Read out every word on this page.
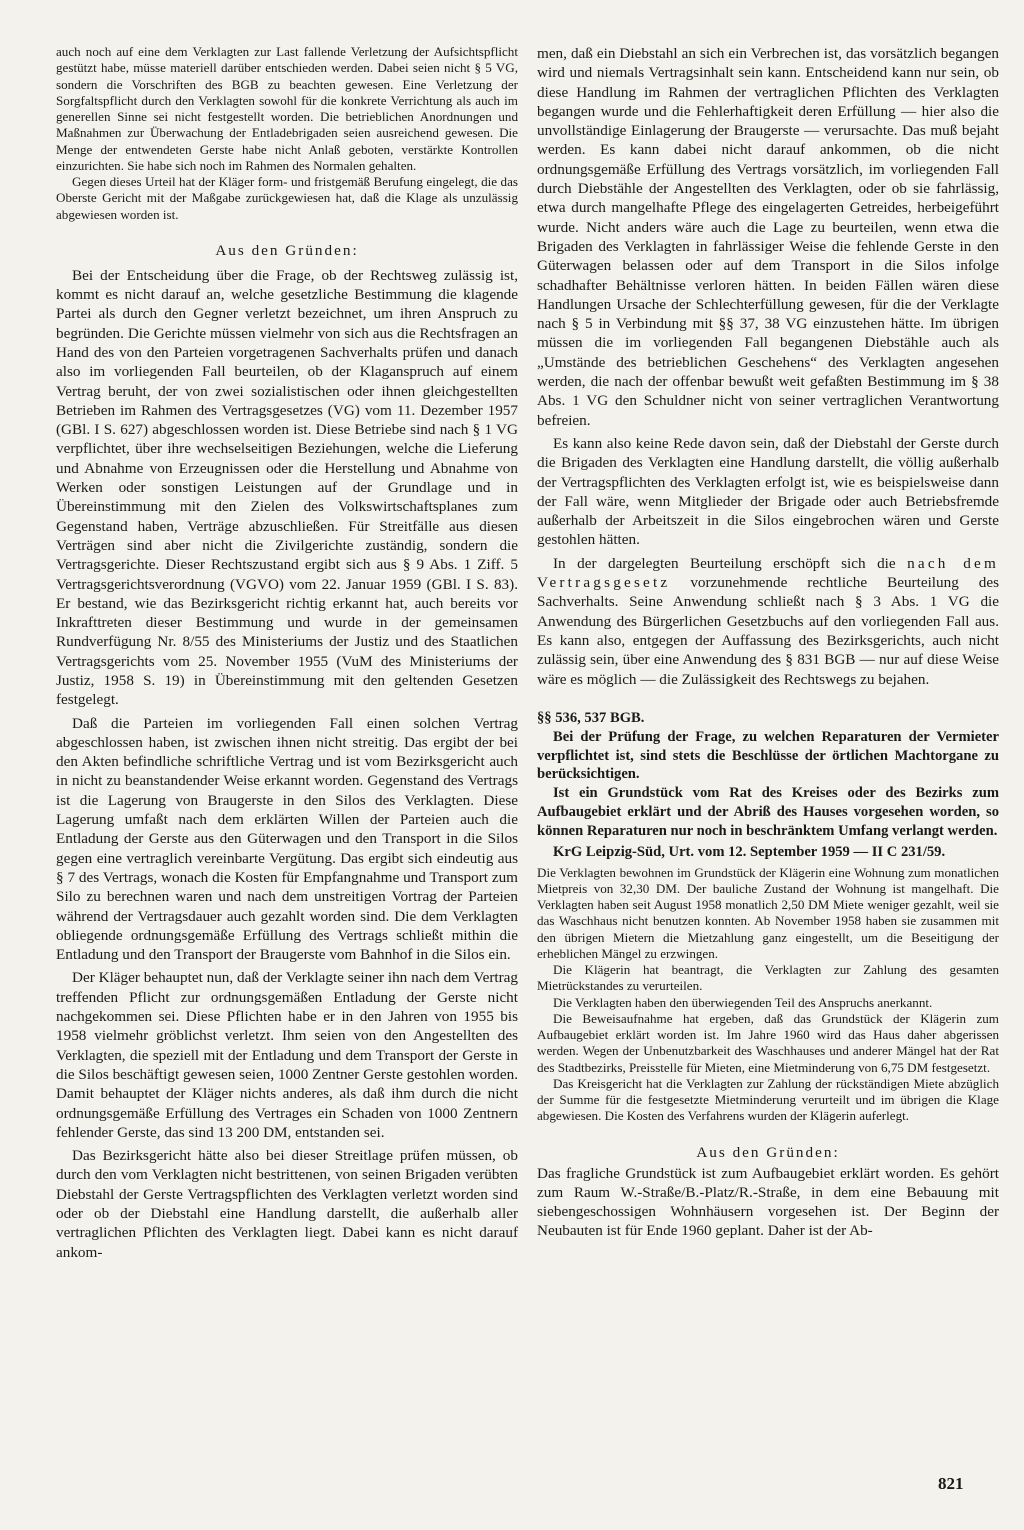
auch noch auf eine dem Verklagten zur Last fallende Verletzung der Aufsichtspflicht gestützt habe, müsse materiell darüber entschieden werden. Dabei seien nicht § 5 VG, sondern die Vorschriften des BGB zu beachten gewesen. Eine Verletzung der Sorgfaltspflicht durch den Verklagten sowohl für die konkrete Verrichtung als auch im generellen Sinne sei nicht festgestellt worden. Die betrieblichen Anordnungen und Maßnahmen zur Überwachung der Entladebrigaden seien ausreichend gewesen. Die Menge der entwendeten Gerste habe nicht Anlaß geboten, verstärkte Kontrollen einzurichten. Sie habe sich noch im Rahmen des Normalen gehalten.

Gegen dieses Urteil hat der Kläger form- und fristgemäß Berufung eingelegt, die das Oberste Gericht mit der Maßgabe zurückgewiesen hat, daß die Klage als unzulässig abgewiesen worden ist.

Aus den Gründen:

Bei der Entscheidung über die Frage, ob der Rechtsweg zulässig ist, kommt es nicht darauf an, welche gesetzliche Bestimmung die klagende Partei als durch den Gegner verletzt bezeichnet, um ihren Anspruch zu begründen. Die Gerichte müssen vielmehr von sich aus die Rechtsfragen an Hand des von den Parteien vorgetragenen Sachverhalts prüfen und danach also im vorliegenden Fall beurteilen, ob der Klaganspruch auf einem Vertrag beruht, der von zwei sozialistischen oder ihnen gleichgestellten Betrieben im Rahmen des Vertragsgesetzes (VG) vom 11. Dezember 1957 (GBl. I S. 627) abgeschlossen worden ist. Diese Betriebe sind nach § 1 VG verpflichtet, über ihre wechselseitigen Beziehungen, welche die Lieferung und Abnahme von Erzeugnissen oder die Herstellung und Abnahme von Werken oder sonstigen Leistungen auf der Grundlage und in Übereinstimmung mit den Zielen des Volkswirtschaftsplanes zum Gegenstand haben, Verträge abzuschließen. Für Streitfälle aus diesen Verträgen sind aber nicht die Zivilgerichte zuständig, sondern die Vertragsgerichte. Dieser Rechtszustand ergibt sich aus § 9 Abs. 1 Ziff. 5 Vertragsgerichtsverordnung (VGVO) vom 22. Januar 1959 (GBl. I S. 83). Er bestand, wie das Bezirksgericht richtig erkannt hat, auch bereits vor Inkrafttreten dieser Bestimmung und wurde in der gemeinsamen Rundverfügung Nr. 8/55 des Ministeriums der Justiz und des Staatlichen Vertragsgerichts vom 25. November 1955 (VuM des Ministeriums der Justiz, 1958 S. 19) in Übereinstimmung mit den geltenden Gesetzen festgelegt.

Daß die Parteien im vorliegenden Fall einen solchen Vertrag abgeschlossen haben, ist zwischen ihnen nicht streitig. Das ergibt der bei den Akten befindliche schriftliche Vertrag und ist vom Bezirksgericht auch in nicht zu beanstandender Weise erkannt worden. Gegenstand des Vertrags ist die Lagerung von Braugerste in den Silos des Verklagten. Diese Lagerung umfaßt nach dem erklärten Willen der Parteien auch die Entladung der Gerste aus den Güterwagen und den Transport in die Silos gegen eine vertraglich vereinbarte Vergütung. Das ergibt sich eindeutig aus § 7 des Vertrags, wonach die Kosten für Empfangnahme und Transport zum Silo zu berechnen waren und nach dem unstreitigen Vortrag der Parteien während der Vertragsdauer auch gezahlt worden sind. Die dem Verklagten obliegende ordnungsgemäße Erfüllung des Vertrags schließt mithin die Entladung und den Transport der Braugerste vom Bahnhof in die Silos ein.

Der Kläger behauptet nun, daß der Verklagte seiner ihn nach dem Vertrag treffenden Pflicht zur ordnungsgemäßen Entladung der Gerste nicht nachgekommen sei. Diese Pflichten habe er in den Jahren von 1955 bis 1958 vielmehr gröblichst verletzt. Ihm seien von den Angestellten des Verklagten, die speziell mit der Entladung und dem Transport der Gerste in die Silos beschäftigt gewesen seien, 1000 Zentner Gerste gestohlen worden. Damit behauptet der Kläger nichts anderes, als daß ihm durch die nicht ordnungsgemäße Erfüllung des Vertrages ein Schaden von 1000 Zentnern fehlender Gerste, das sind 13 200 DM, entstanden sei.

Das Bezirksgericht hätte also bei dieser Streitlage prüfen müssen, ob durch den vom Verklagten nicht bestrittenen, von seinen Brigaden verübten Diebstahl der Gerste Vertragspflichten des Verklagten verletzt worden sind oder ob der Diebstahl eine Handlung darstellt, die außerhalb aller vertraglichen Pflichten des Verklagten liegt. Dabei kann es nicht darauf ankom-

men, daß ein Diebstahl an sich ein Verbrechen ist, das vorsätzlich begangen wird und niemals Vertragsinhalt sein kann. Entscheidend kann nur sein, ob diese Handlung im Rahmen der vertraglichen Pflichten des Verklagten begangen wurde und die Fehlerhaftigkeit deren Erfüllung — hier also die unvollständige Einlagerung der Braugerste — verursachte. Das muß bejaht werden. Es kann dabei nicht darauf ankommen, ob die nicht ordnungsgemäße Erfüllung des Vertrags vorsätzlich, im vorliegenden Fall durch Diebstähle der Angestellten des Verklagten, oder ob sie fahrlässig, etwa durch mangelhafte Pflege des eingelagerten Getreides, herbeigeführt wurde. Nicht anders wäre auch die Lage zu beurteilen, wenn etwa die Brigaden des Verklagten in fahrlässiger Weise die fehlende Gerste in den Güterwagen belassen oder auf dem Transport in die Silos infolge schadhafter Behältnisse verloren hätten. In beiden Fällen wären diese Handlungen Ursache der Schlechterfüllung gewesen, für die der Verklagte nach § 5 in Verbindung mit §§ 37, 38 VG einzustehen hätte. Im übrigen müssen die im vorliegenden Fall begangenen Diebstähle auch als „Umstände des betrieblichen Geschehens“ des Verklagten angesehen werden, die nach der offenbar bewußt weit gefaßten Bestimmung im § 38 Abs. 1 VG den Schuldner nicht von seiner vertraglichen Verantwortung befreien.

Es kann also keine Rede davon sein, daß der Diebstahl der Gerste durch die Brigaden des Verklagten eine Handlung darstellt, die völlig außerhalb der Vertragspflichten des Verklagten erfolgt ist, wie es beispielsweise dann der Fall wäre, wenn Mitglieder der Brigade oder auch Betriebsfremde außerhalb der Arbeitszeit in die Silos eingebrochen wären und Gerste gestohlen hätten.

In der dargelegten Beurteilung erschöpft sich die nach dem Vertragsgesetz vorzunehmende rechtliche Beurteilung des Sachverhalts. Seine Anwendung schließt nach § 3 Abs. 1 VG die Anwendung des Bürgerlichen Gesetzbuchs auf den vorliegenden Fall aus. Es kann also, entgegen der Auffassung des Bezirksgerichts, auch nicht zulässig sein, über eine Anwendung des § 831 BGB — nur auf diese Weise wäre es möglich — die Zulässigkeit des Rechtswegs zu bejahen.

§§ 536, 537 BGB.

Bei der Prüfung der Frage, zu welchen Reparaturen der Vermieter verpflichtet ist, sind stets die Beschlüsse der örtlichen Machtorgane zu berücksichtigen.

Ist ein Grundstück vom Rat des Kreises oder des Bezirks zum Aufbaugebiet erklärt und der Abriß des Hauses vorgesehen worden, so können Reparaturen nur noch in beschränktem Umfang verlangt werden.

KrG Leipzig-Süd, Urt. vom 12. September 1959 — II C 231/59.

Die Verklagten bewohnen im Grundstück der Klägerin eine Wohnung zum monatlichen Mietpreis von 32,30 DM. Der bauliche Zustand der Wohnung ist mangelhaft. Die Verklagten haben seit August 1958 monatlich 2,50 DM Miete weniger gezahlt, weil sie das Waschhaus nicht benutzen konnten. Ab November 1958 haben sie zusammen mit den übrigen Mietern die Mietzahlung ganz eingestellt, um die Beseitigung der erheblichen Mängel zu erzwingen.

Die Klägerin hat beantragt, die Verklagten zur Zahlung des gesamten Mietrückstandes zu verurteilen.

Die Verklagten haben den überwiegenden Teil des Anspruchs anerkannt.

Die Beweisaufnahme hat ergeben, daß das Grundstück der Klägerin zum Aufbaugebiet erklärt worden ist. Im Jahre 1960 wird das Haus daher abgerissen werden. Wegen der Unbenutzbarkeit des Waschhauses und anderer Mängel hat der Rat des Stadtbezirks, Preisstelle für Mieten, eine Mietminderung von 6,75 DM festgesetzt.

Das Kreisgericht hat die Verklagten zur Zahlung der rückständigen Miete abzüglich der Summe für die festgesetzte Mietminderung verurteilt und im übrigen die Klage abgewiesen. Die Kosten des Verfahrens wurden der Klägerin auferlegt.

Aus den Gründen:

Das fragliche Grundstück ist zum Aufbaugebiet erklärt worden. Es gehört zum Raum W.-Straße/B.-Platz/R.-Straße, in dem eine Bebauung mit siebengeschossigen Wohnhäusern vorgesehen ist. Der Beginn der Neubauten ist für Ende 1960 geplant. Daher ist der Ab-

821
